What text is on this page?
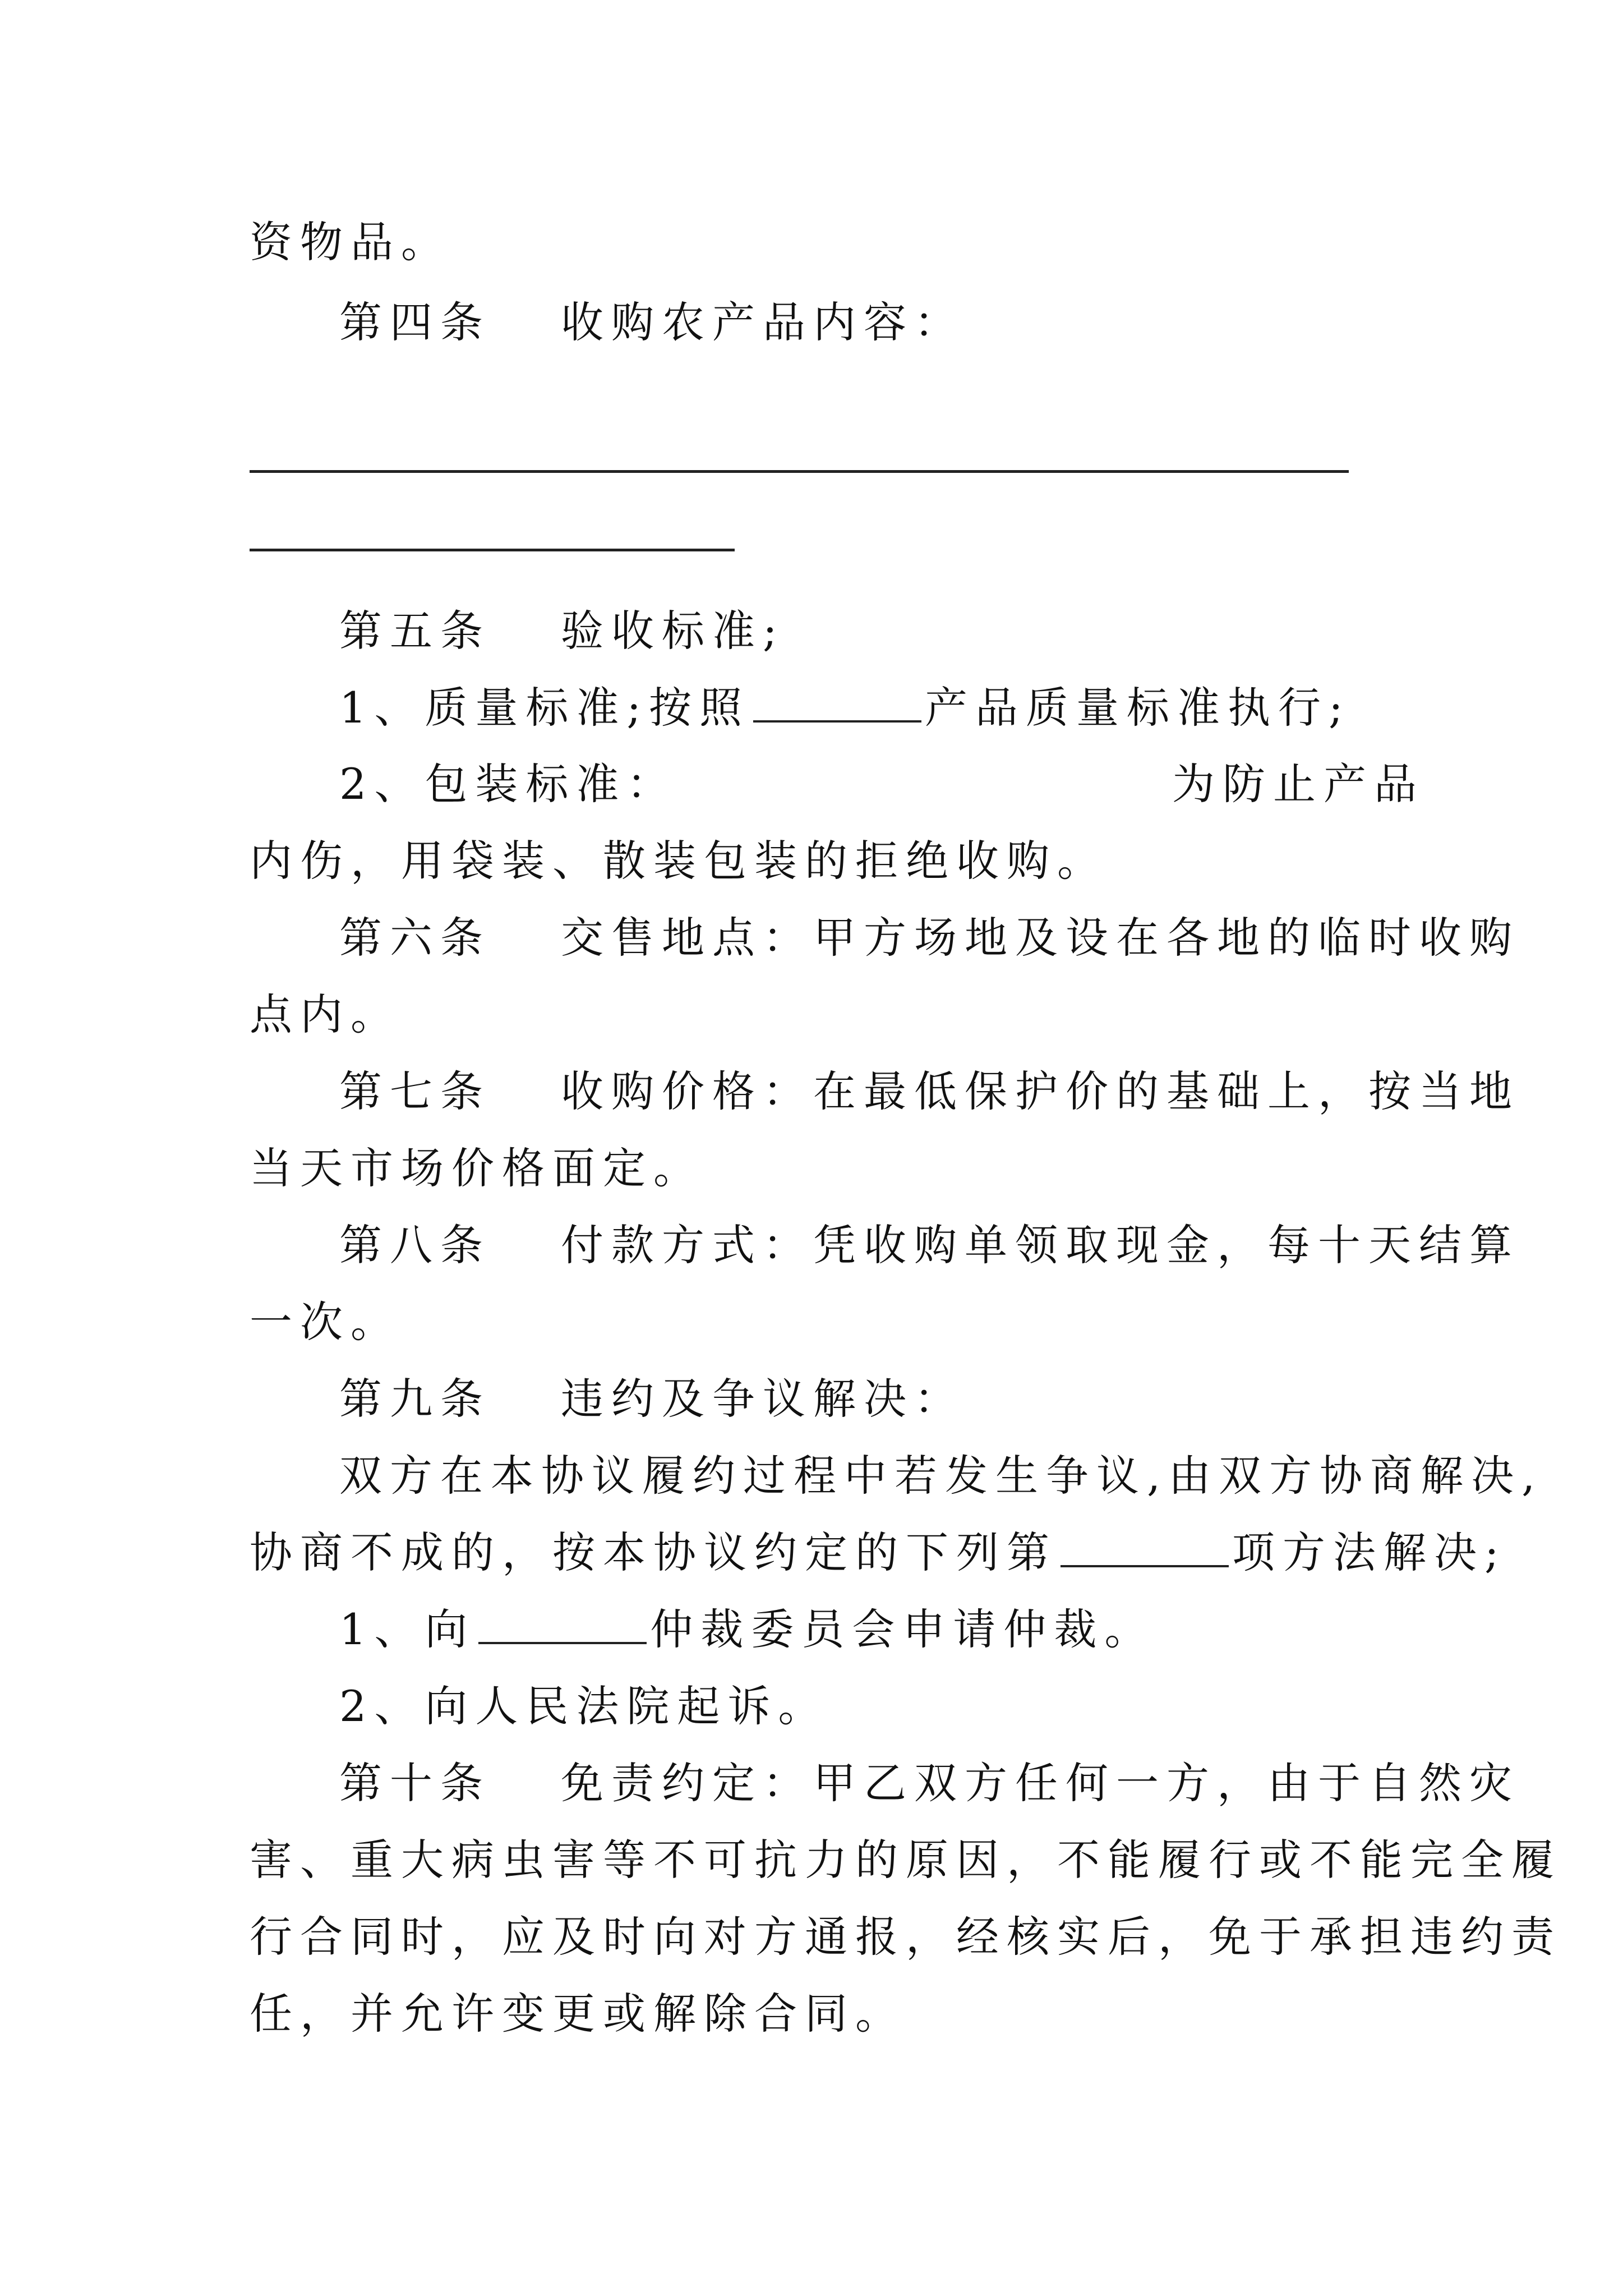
资物品。
第四条 收购农产品内容：
第五条 验收标准;
1、质量标准;按照	产品质量标准执行;
2、包装标准：	为防止产品
内伤，用袋装、散装包装的拒绝收购。
第六条 交售地点：甲方场地及设在各地的临时收购
点内。
第七条 收购价格：在最低保护价的基础上，按当地
当天市场价格面定。
第八条 付款方式：凭收购单领取现金，每十天结算
一次。
第九条 违约及争议解决：
双方在本协议履约过程中若发生争议,由双方协商解决,
协商不成的，按本协议约定的下列第	项方法解决;
1、向	仲裁委员会申请仲裁。
2、向人民法院起诉。
第十条 免责约定：甲乙双方任何一方，由于自然灾
害、重大病虫害等不可抗力的原因，不能履行或不能完全履
行合同时，应及时向对方通报，经核实后，免于承担违约责
任，并允许变更或解除合同。
